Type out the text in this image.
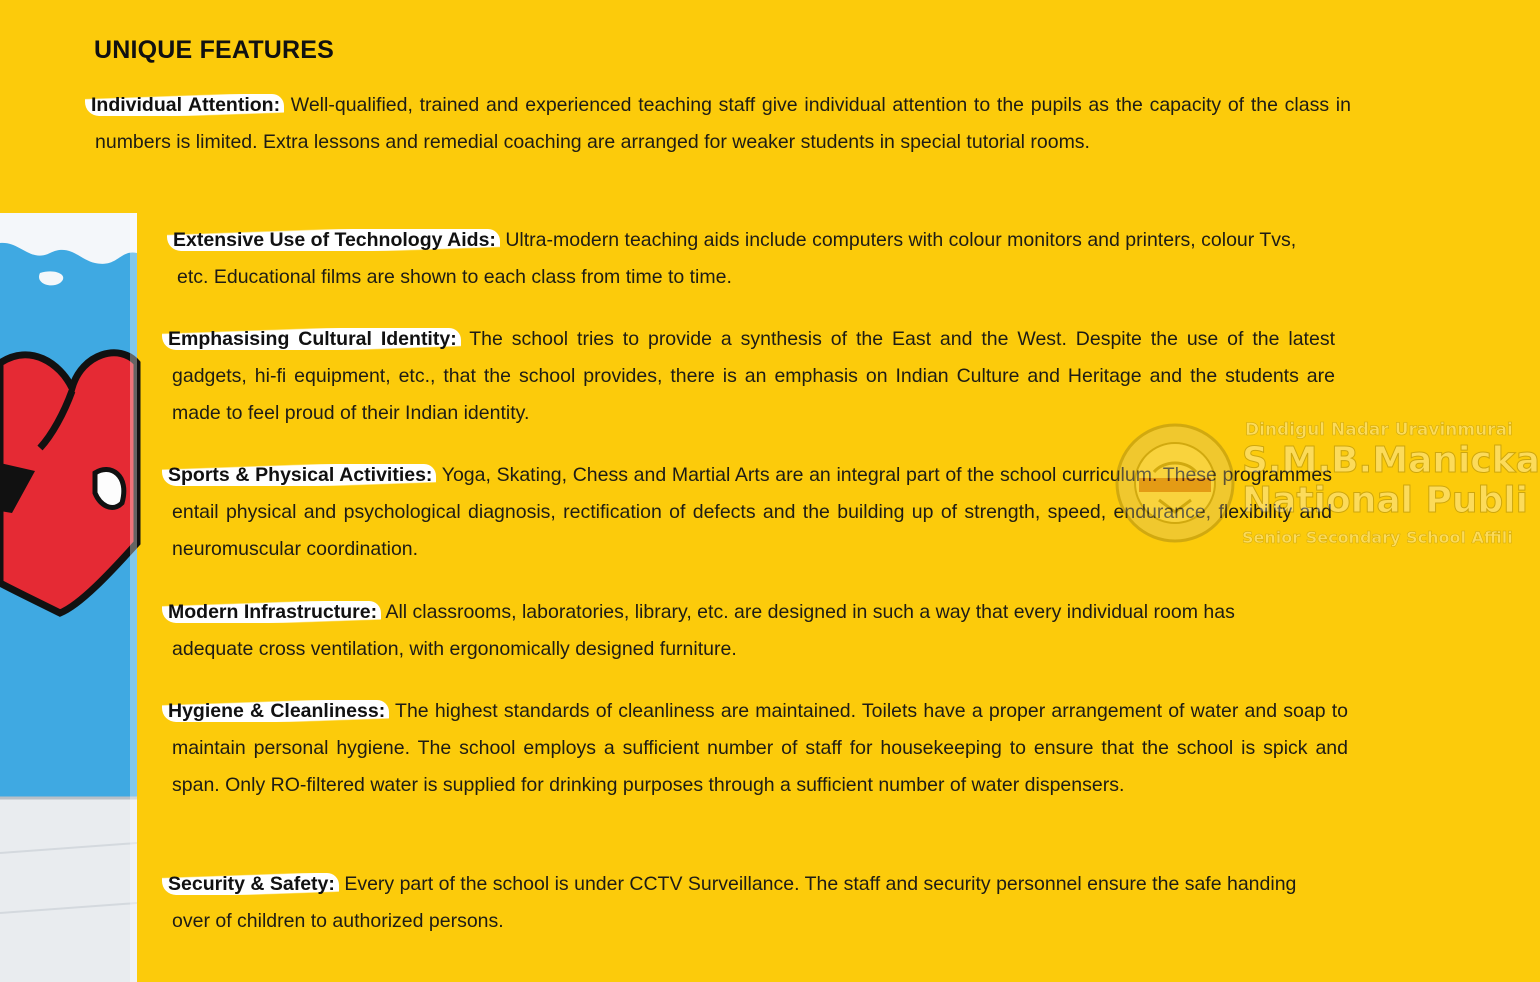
UNIQUE FEATURES

Individual Attention: Well-qualified, trained and experienced teaching staff give individual attention to the pupils as the capacity of the class in numbers is limited. Extra lessons and remedial coaching are arranged for weaker students in special tutorial rooms.

Extensive Use of Technology Aids: Ultra-modern teaching aids include computers with colour monitors and printers, colour Tvs, etc. Educational films are shown to each class from time to time.

Emphasising Cultural Identity: The school tries to provide a synthesis of the East and the West. Despite the use of the latest gadgets, hi-fi equipment, etc., that the school provides, there is an emphasis on Indian Culture and Heritage and the students are made to feel proud of their Indian identity.

Sports & Physical Activities: Yoga, Skating, Chess and Martial Arts are an integral part of the school curriculum. These programmes entail physical and psychological diagnosis, rectification of defects and the building up of strength, speed, endurance, flexibility and neuromuscular coordination.

Modern Infrastructure: All classrooms, laboratories, library, etc. are designed in such a way that every individual room has adequate cross ventilation, with ergonomically designed furniture.

Hygiene & Cleanliness: The highest standards of cleanliness are maintained. Toilets have a proper arrangement of water and soap to maintain personal hygiene. The school employs a sufficient number of staff for housekeeping to ensure that the school is spick and span. Only RO-filtered water is supplied for drinking purposes through a sufficient number of water dispensers.

Security & Safety: Every part of the school is under CCTV Surveillance. The staff and security personnel ensure the safe handing over of children to authorized persons.

Dindigul Nadar Uravinmurai
S.M.B.Manicka
National Publi
Senior Secondary School Affili
